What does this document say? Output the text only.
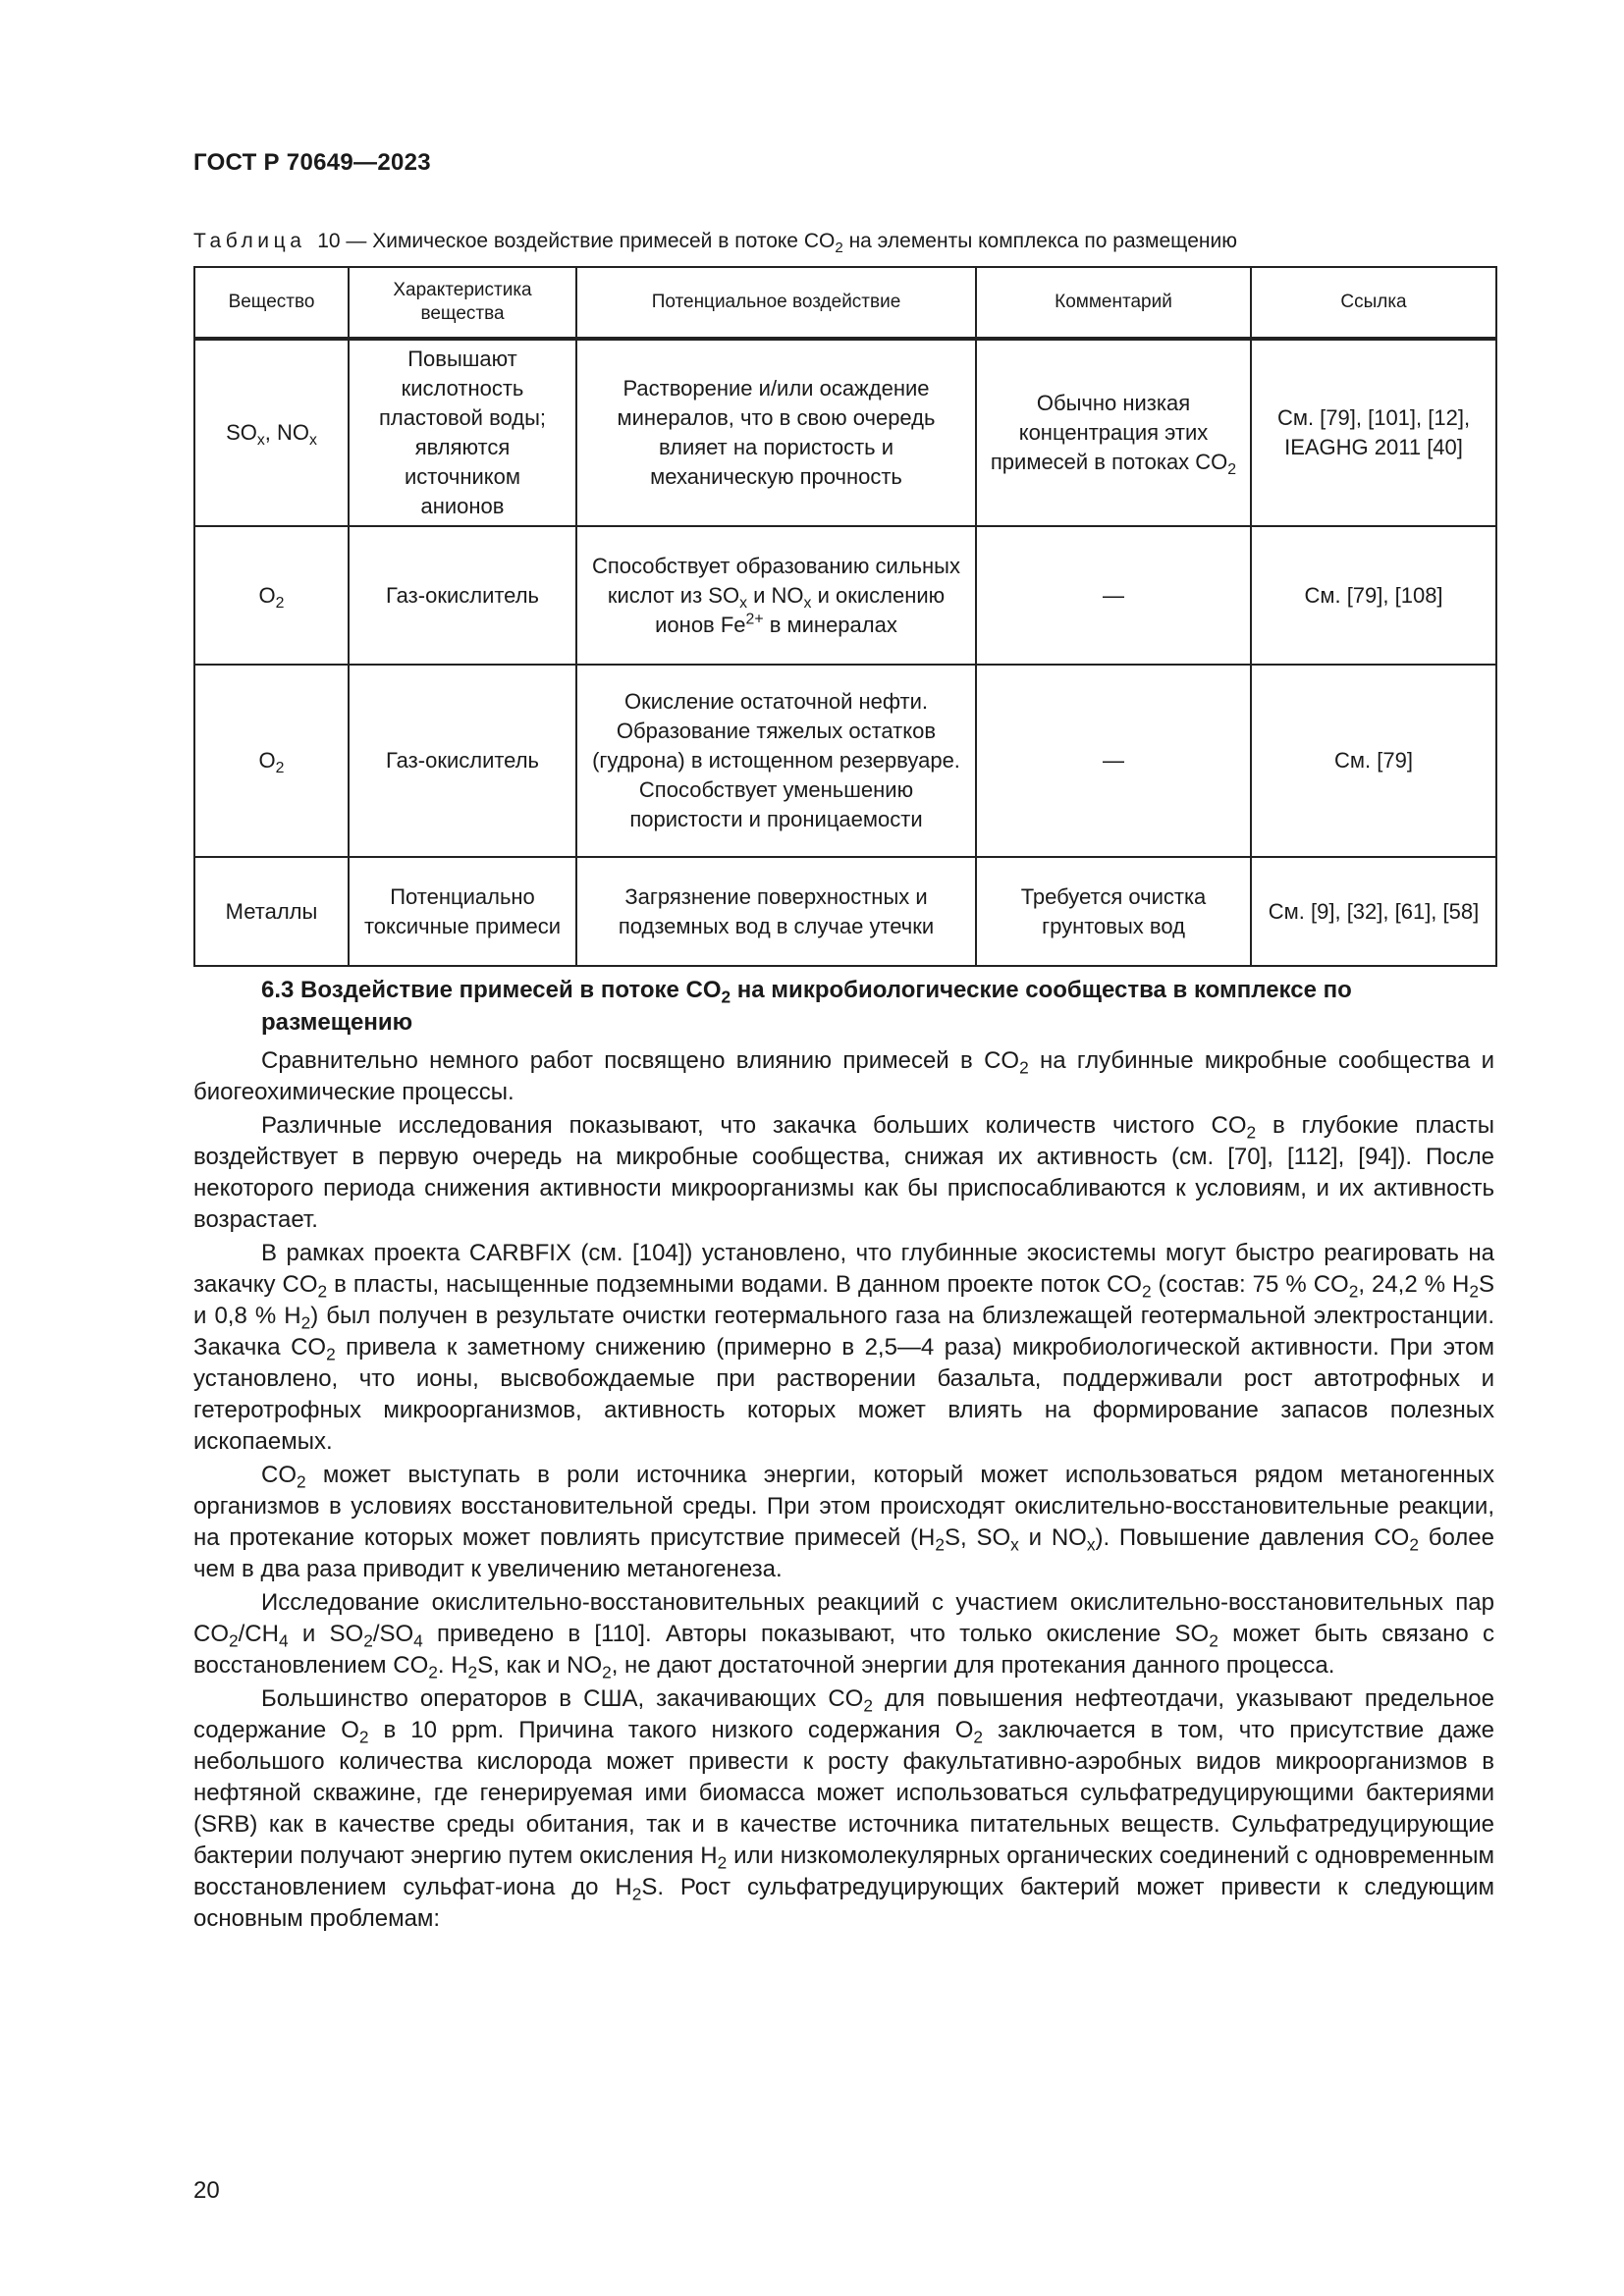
ГОСТ Р 70649—2023
Таблица 10 — Химическое воздействие примесей в потоке $CO_2$ на элементы комплекса по размещению
Вещество	Характеристика вещества	Потенциальное воздействие	Комментарий	Ссылка
$SO_x$, $NO_x$	Повышают кислотность пластовой воды; являются источником анионов	Растворение и/или осаждение минералов, что в свою очередь влияет на пористость и механическую прочность	Обычно низкая концентрация этих примесей в потоках $CO_2$	См. [79], [101], [12], IEAGHG 2011 [40]
$O_2$	Газ-окислитель	Способствует образованию сильных кислот из $SO_x$ и $NO_x$ и окислению ионов $Fe^{2+}$ в минералах	—	См. [79], [108]
$O_2$	Газ-окислитель	Окисление остаточной нефти. Образование тяжелых остатков (гудрона) в истощенном резервуаре. Способствует уменьшению пористости и проницаемости	—	См. [79]
Металлы	Потенциально токсичные примеси	Загрязнение поверхностных и подземных вод в случае утечки	Требуется очистка грунтовых вод	См. [9], [32], [61], [58]
6.3 Воздействие примесей в потоке $CO_2$ на микробиологические сообщества в комплексе по размещению

Сравнительно немного работ посвящено влиянию примесей в $CO_2$ на глубинные микробные сообщества и биогеохимические процессы.

Различные исследования показывают, что закачка больших количеств чистого $CO_2$ в глубокие пласты воздействует в первую очередь на микробные сообщества, снижая их активность (см. [70], [112], [94]). После некоторого периода снижения активности микроорганизмы как бы приспосабливаются к условиям, и их активность возрастает.

В рамках проекта CARBFIX (см. [104]) установлено, что глубинные экосистемы могут быстро реагировать на закачку $CO_2$ в пласты, насыщенные подземными водами. В данном проекте поток $CO_2$ (состав: 75 % $CO_2$, 24,2 % $H_2S$ и 0,8 % $H_2$) был получен в результате очистки геотермального газа на близлежащей геотермальной электростанции. Закачка $CO_2$ привела к заметному снижению (примерно в 2,5—4 раза) микробиологической активности. При этом установлено, что ионы, высвобождаемые при растворении базальта, поддерживали рост автотрофных и гетеротрофных микроорганизмов, активность которых может влиять на формирование запасов полезных ископаемых.

$CO_2$ может выступать в роли источника энергии, который может использоваться рядом метаногенных организмов в условиях восстановительной среды. При этом происходят окислительно-восстановительные реакции, на протекание которых может повлиять присутствие примесей ($H_2S$, $SO_x$ и $NO_x$). Повышение давления $CO_2$ более чем в два раза приводит к увеличению метаногенеза.

Исследование окислительно-восстановительных реакциий с участием окислительно-восстановительных пар $CO_2/CH_4$ и $SO_2/SO_4$ приведено в [110]. Авторы показывают, что только окисление $SO_2$ может быть связано с восстановлением $CO_2$. $H_2S$, как и $NO_2$, не дают достаточной энергии для протекания данного процесса.

Большинство операторов в США, закачивающих $CO_2$ для повышения нефтеотдачи, указывают предельное содержание $O_2$ в 10 ppm. Причина такого низкого содержания $O_2$ заключается в том, что присутствие даже небольшого количества кислорода может привести к росту факультативно-аэробных видов микроорганизмов в нефтяной скважине, где генерируемая ими биомасса может использоваться сульфатредуцирующими бактериями (SRB) как в качестве среды обитания, так и в качестве источника питательных веществ. Сульфатредуцирующие бактерии получают энергию путем окисления $H_2$ или низкомолекулярных органических соединений с одновременным восстановлением сульфат-иона до $H_2S$. Рост сульфатредуцирующих бактерий может привести к следующим основным проблемам:

20
